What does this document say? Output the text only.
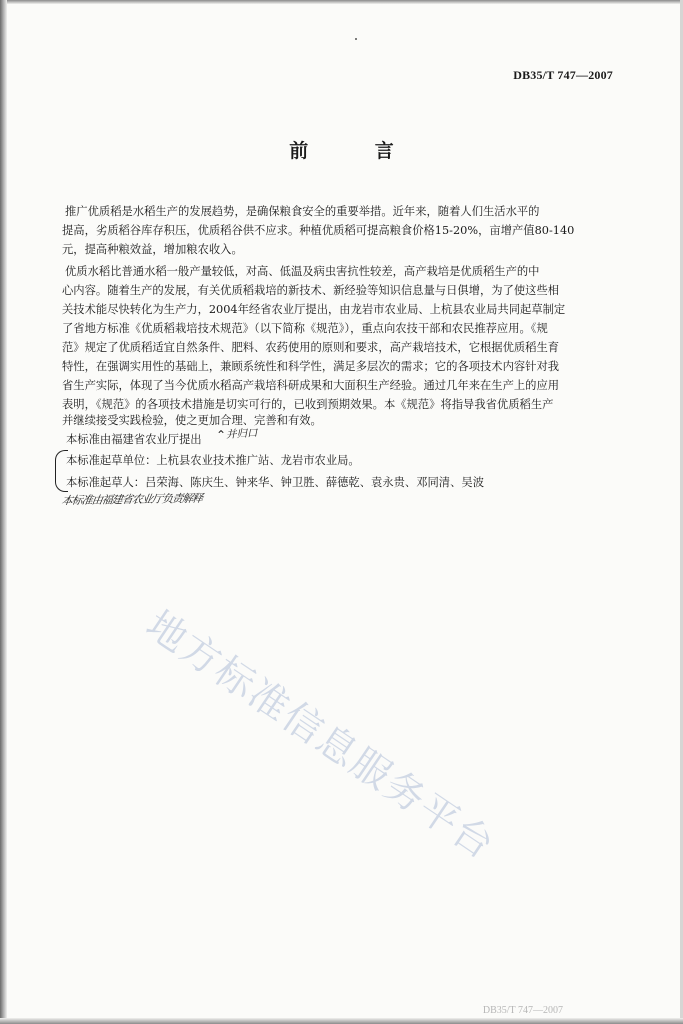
DB35/T 747—2007
前 言
推广优质稻是水稻生产的发展趋势，是确保粮食安全的重要举措。近年来，随着人们生活水平的
提高，劣质稻谷库存积压，优质稻谷供不应求。种植优质稻可提高粮食价格15-20%，亩增产值80-140
元，提高种粮效益，增加粮农收入。
优质水稻比普通水稻一般产量较低，对高、低温及病虫害抗性较差，高产栽培是优质稻生产的中
心内容。随着生产的发展，有关优质稻栽培的新技术、新经验等知识信息量与日俱增，为了使这些相
关技术能尽快转化为生产力，2004年经省农业厅提出，由龙岩市农业局、上杭县农业局共同起草制定
了省地方标准《优质稻栽培技术规范》（以下简称《规范》），重点向农技干部和农民推荐应用。《规
范》规定了优质稻适宜自然条件、肥料、农药使用的原则和要求，高产栽培技术，它根据优质稻生育
特性，在强调实用性的基础上，兼顾系统性和科学性，满足多层次的需求；它的各项技术内容针对我
省生产实际，体现了当今优质水稻高产栽培科研成果和大面积生产经验。通过几年来在生产上的应用
表明，《规范》的各项技术措施是切实可行的，已收到预期效果。本《规范》将指导我省优质稻生产
并继续接受实践检验，使之更加合理、完善和有效。
本标准由福建省农业厅提出 ⌃ 并归口
本标准起草单位：上杭县农业技术推广站、龙岩市农业局。
本标准起草人：吕荣海、陈庆生、钟来华、钟卫胜、薛德乾、袁永贵、邓同清、吴波
本标准由福建省农业厅负责解释
地方标准信息服务平台
DB35/T 747—2007
